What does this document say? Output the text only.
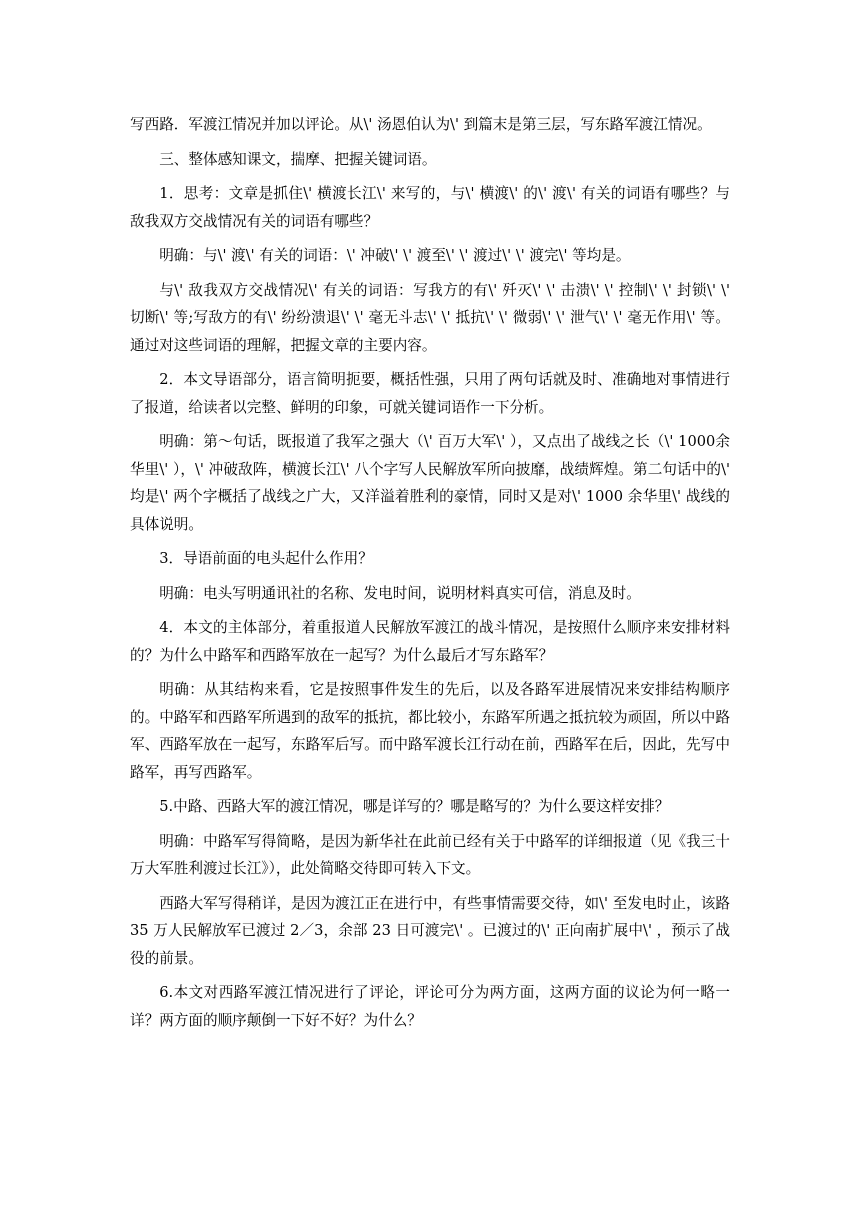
写西路．军渡江情况并加以评论。从\' 汤恩伯认为\' 到篇末是第三层，写东路军渡江情况。

三、整体感知课文，揣摩、把握关键词语。

1．思考：文章是抓住\' 横渡长江\' 来写的，与\' 横渡\' 的\' 渡\' 有关的词语有哪些？与敌我双方交战情况有关的词语有哪些？

明确：与\' 渡\' 有关的词语：\' 冲破\' \' 渡至\' \' 渡过\' \' 渡完\' 等均是。

与\' 敌我双方交战情况\' 有关的词语：写我方的有\' 歼灭\' \' 击溃\' \' 控制\' \' 封锁\' \' 切断\' 等;写敌方的有\' 纷纷溃退\' \' 毫无斗志\' \' 抵抗\' \' 微弱\' \' 泄气\' \' 毫无作用\' 等。通过对这些词语的理解，把握文章的主要内容。

2．本文导语部分，语言简明扼要，概括性强，只用了两句话就及时、准确地对事情进行了报道，给读者以完整、鲜明的印象，可就关键词语作一下分析。

明确：第～句话，既报道了我军之强大（\' 百万大军\' ），又点出了战线之长（\' 1000余华里\' ），\' 冲破敌阵，横渡长江\' 八个字写人民解放军所向披靡，战绩辉煌。第二句话中的\' 均是\' 两个字概括了战线之广大，又洋溢着胜利的豪情，同时又是对\' 1000 余华里\' 战线的具体说明。

3．导语前面的电头起什么作用？

明确：电头写明通讯社的名称、发电时间，说明材料真实可信，消息及时。

4．本文的主体部分，着重报道人民解放军渡江的战斗情况，是按照什么顺序来安排材料的？为什么中路军和西路军放在一起写？为什么最后才写东路军？

明确：从其结构来看，它是按照事件发生的先后，以及各路军进展情况来安排结构顺序的。中路军和西路军所遇到的敌军的抵抗，都比较小，东路军所遇之抵抗较为顽固，所以中路军、西路军放在一起写，东路军后写。而中路军渡长江行动在前，西路军在后，因此，先写中路军，再写西路军。

5.中路、西路大军的渡江情况，哪是详写的？哪是略写的？为什么要这样安排？

明确：中路军写得简略，是因为新华社在此前已经有关于中路军的详细报道（见《我三十万大军胜利渡过长江》），此处简略交待即可转入下文。

西路大军写得稍详，是因为渡江正在进行中，有些事情需要交待，如\' 至发电时止，该路 35 万人民解放军已渡过 2／3，余部 23 日可渡完\' 。已渡过的\' 正向南扩展中\' ，预示了战役的前景。

6.本文对西路军渡江情况进行了评论，评论可分为两方面，这两方面的议论为何一略一详？两方面的顺序颠倒一下好不好？为什么？
